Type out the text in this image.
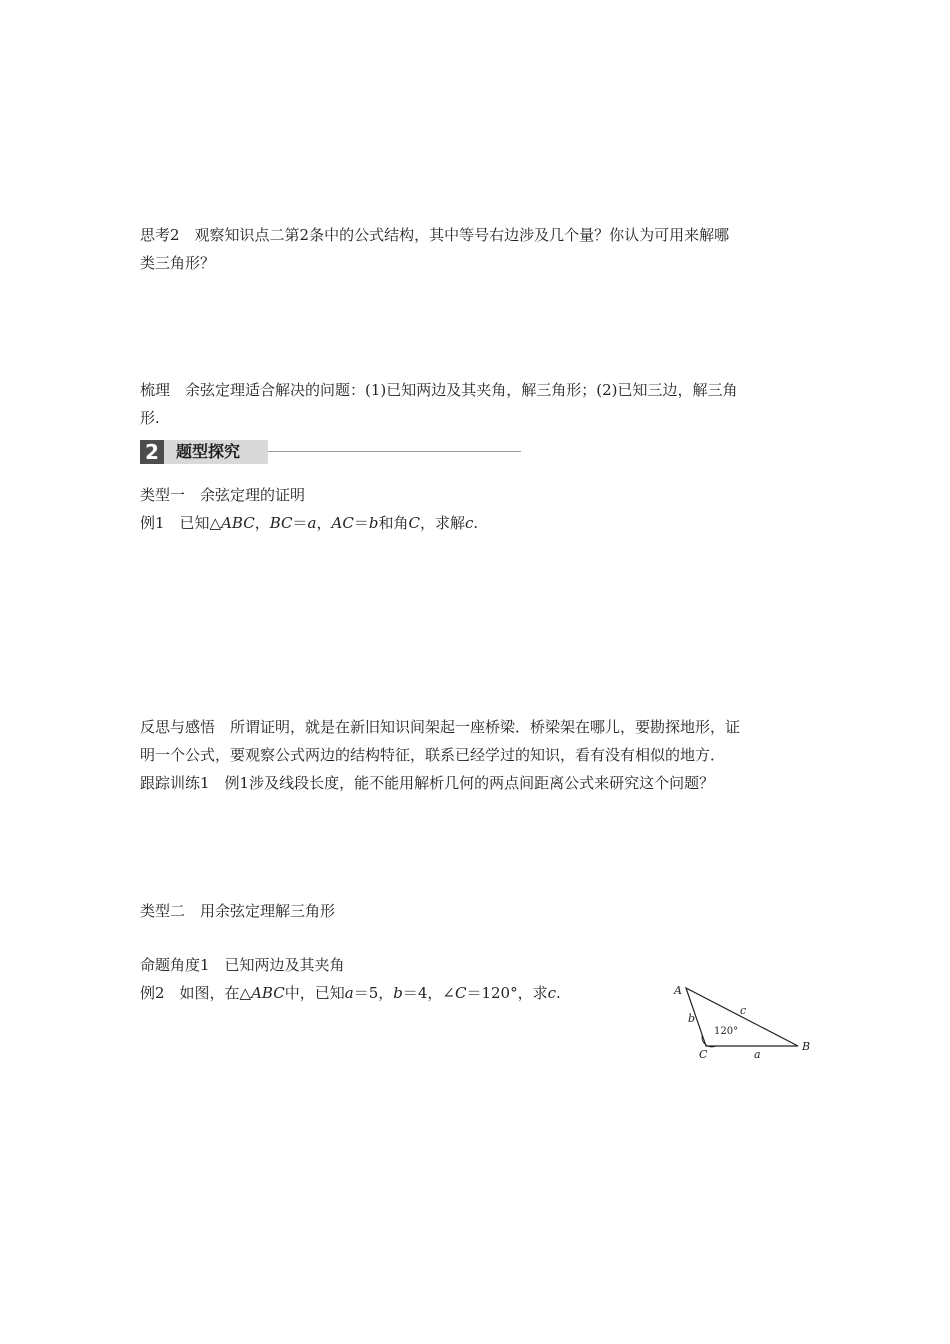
思考2　观察知识点二第2条中的公式结构，其中等号右边涉及几个量？你认为可用来解哪
类三角形？
梳理　余弦定理适合解决的问题：(1)已知两边及其夹角，解三角形；(2)已知三边，解三角
形.
2	题型探究
类型一　余弦定理的证明
例1　已知△ABC，BC＝a，AC＝b和角C，求解c.
反思与感悟　所谓证明，就是在新旧知识间架起一座桥梁．桥梁架在哪儿，要勘探地形，证
明一个公式，要观察公式两边的结构特征，联系已经学过的知识，看有没有相似的地方．
跟踪训练1　例1涉及线段长度，能不能用解析几何的两点间距离公式来研究这个问题？
类型二　用余弦定理解三角形
命题角度1　已知两边及其夹角
例2　如图，在△ABC中，已知a＝5，b＝4，∠C＝120°，求c.	A
B
C	a
b
c
120°
